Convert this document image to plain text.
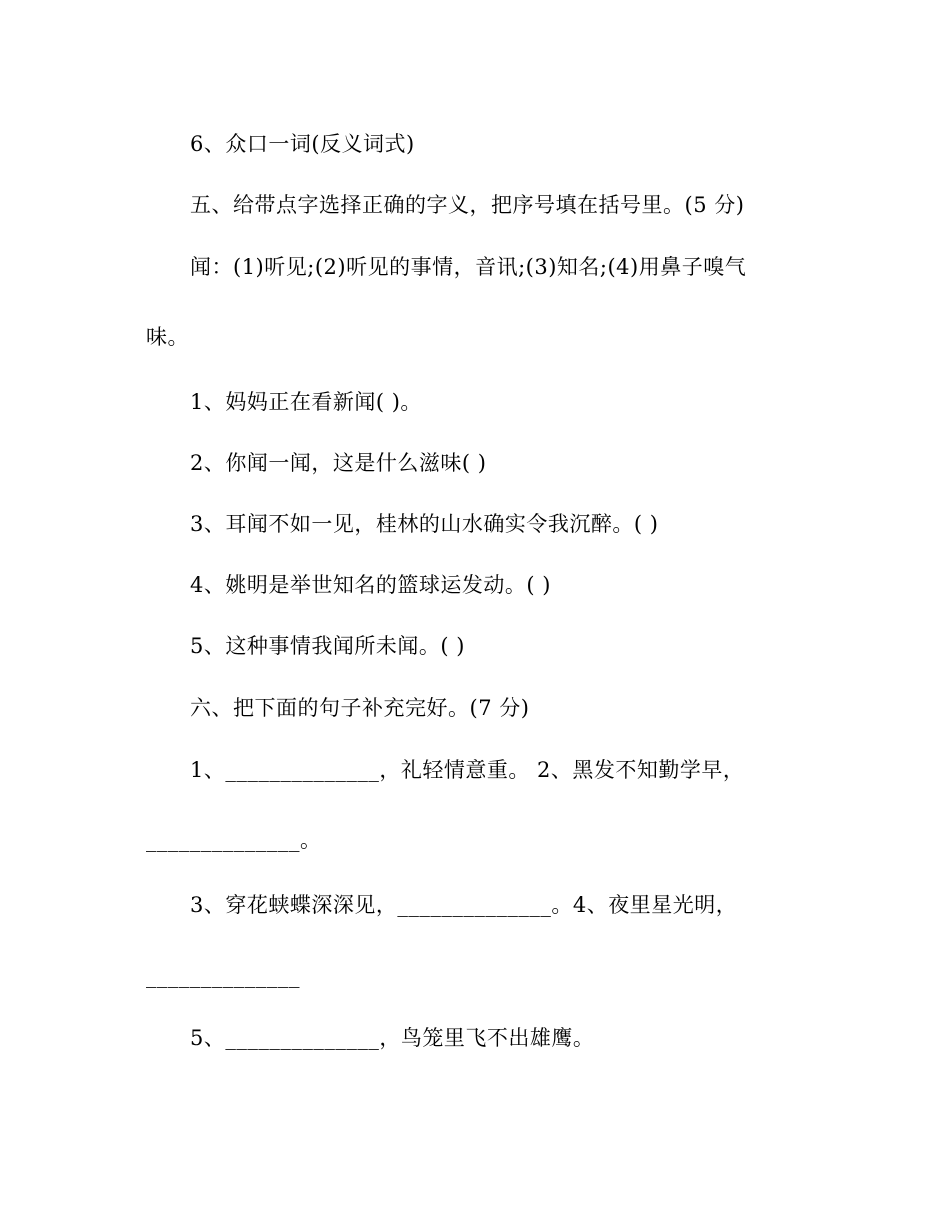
6、众口一词(反义词式)
五、给带点字选择正确的字义，把序号填在括号里。(5 分)
闻：(1)听见;(2)听见的事情，音讯;(3)知名;(4)用鼻子嗅气
味。
1、妈妈正在看新闻( )。
2、你闻一闻，这是什么滋味( )
3、耳闻不如一见，桂林的山水确实令我沉醉。( )
4、姚明是举世知名的篮球运发动。( )
5、这种事情我闻所未闻。( )
六、把下面的句子补充完好。(7 分)
1、______________，礼轻情意重。 2、黑发不知勤学早，
______________。
3、穿花蛱蝶深深见，______________。4、夜里星光明，
______________
5、______________，鸟笼里飞不出雄鹰。
